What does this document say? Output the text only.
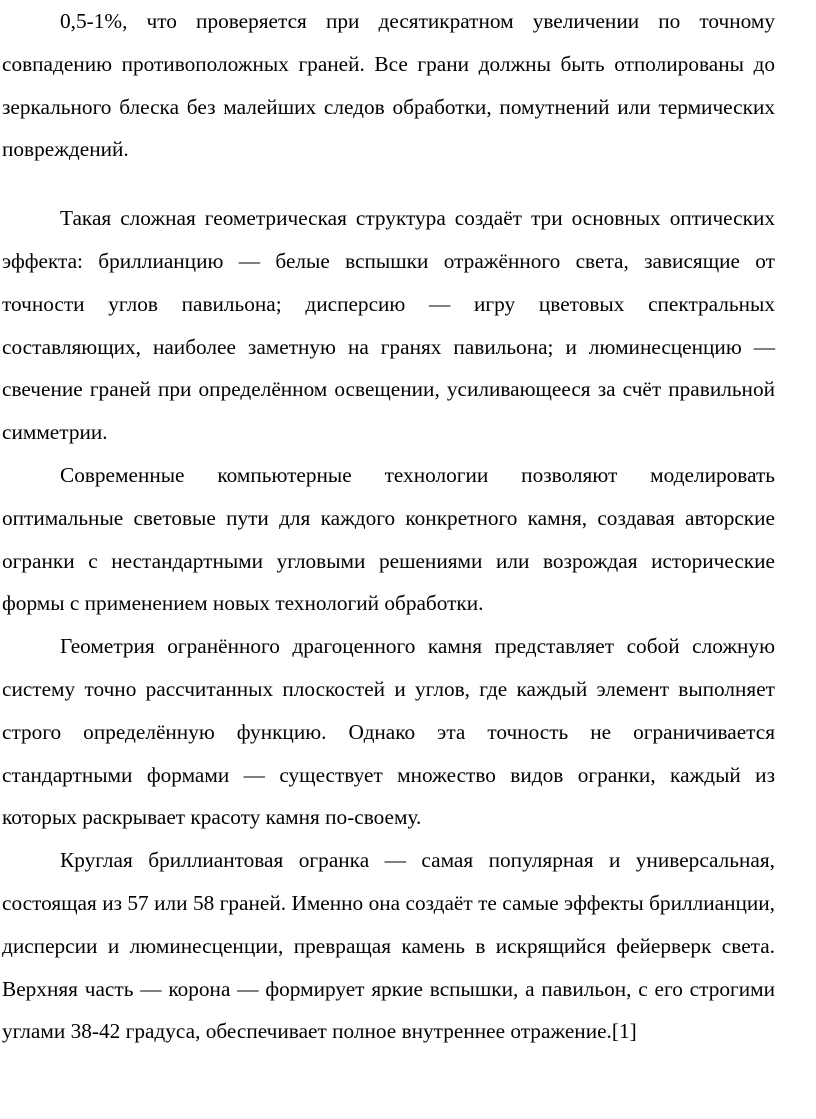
0,5-1%, что проверяется при десятикратном увеличении по точному совпадению противоположных граней. Все грани должны быть отполированы до зеркального блеска без малейших следов обработки, помутнений или термических повреждений.

Такая сложная геометрическая структура создаёт три основных оптических эффекта: бриллианцию — белые вспышки отражённого света, зависящие от точности углов павильона; дисперсию — игру цветовых спектральных составляющих, наиболее заметную на гранях павильона; и люминесценцию — свечение граней при определённом освещении, усиливающееся за счёт правильной симметрии.

Современные компьютерные технологии позволяют моделировать оптимальные световые пути для каждого конкретного камня, создавая авторские огранки с нестандартными угловыми решениями или возрождая исторические формы с применением новых технологий обработки.

Геометрия огранённого драгоценного камня представляет собой сложную систему точно рассчитанных плоскостей и углов, где каждый элемент выполняет строго определённую функцию. Однако эта точность не ограничивается стандартными формами — существует множество видов огранки, каждый из которых раскрывает красоту камня по-своему.

Круглая бриллиантовая огранка — самая популярная и универсальная, состоящая из 57 или 58 граней. Именно она создаёт те самые эффекты бриллианции, дисперсии и люминесценции, превращая камень в искрящийся фейерверк света. Верхняя часть — корона — формирует яркие вспышки, а павильон, с его строгими углами 38-42 градуса, обеспечивает полное внутреннее отражение.[1]
